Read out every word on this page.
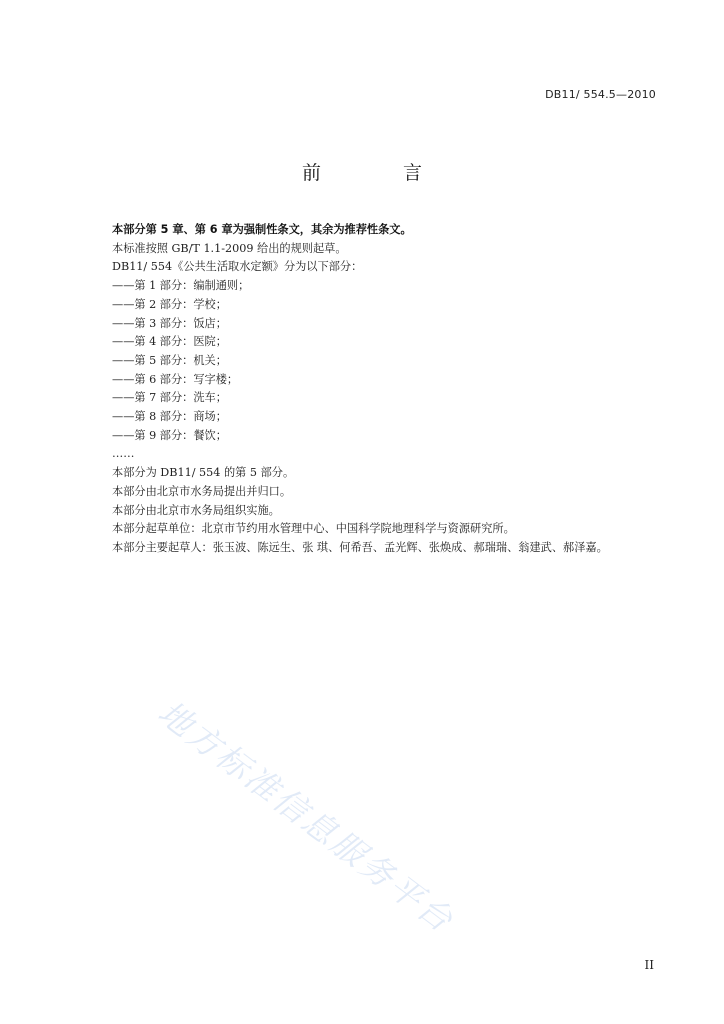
DB11/ 554.5—2010
前 言

本部分第 5 章、第 6 章为强制性条文，其余为推荐性条文。

本标准按照 GB/T 1.1-2009 给出的规则起草。

DB11/ 554《公共生活取水定额》分为以下部分：

——第 1 部分：编制通则；

——第 2 部分：学校；

——第 3 部分：饭店；

——第 4 部分：医院；

——第 5 部分：机关；

——第 6 部分：写字楼；

——第 7 部分：洗车；

——第 8 部分：商场；

——第 9 部分：餐饮；

……

本部分为 DB11/ 554 的第 5 部分。

本部分由北京市水务局提出并归口。

本部分由北京市水务局组织实施。

本部分起草单位：北京市节约用水管理中心、中国科学院地理科学与资源研究所。

本部分主要起草人：张玉波、陈远生、张 琪、何希吾、孟光辉、张焕成、郝瑞瑞、翁建武、郝泽嘉。

地方标准信息服务平台
II
